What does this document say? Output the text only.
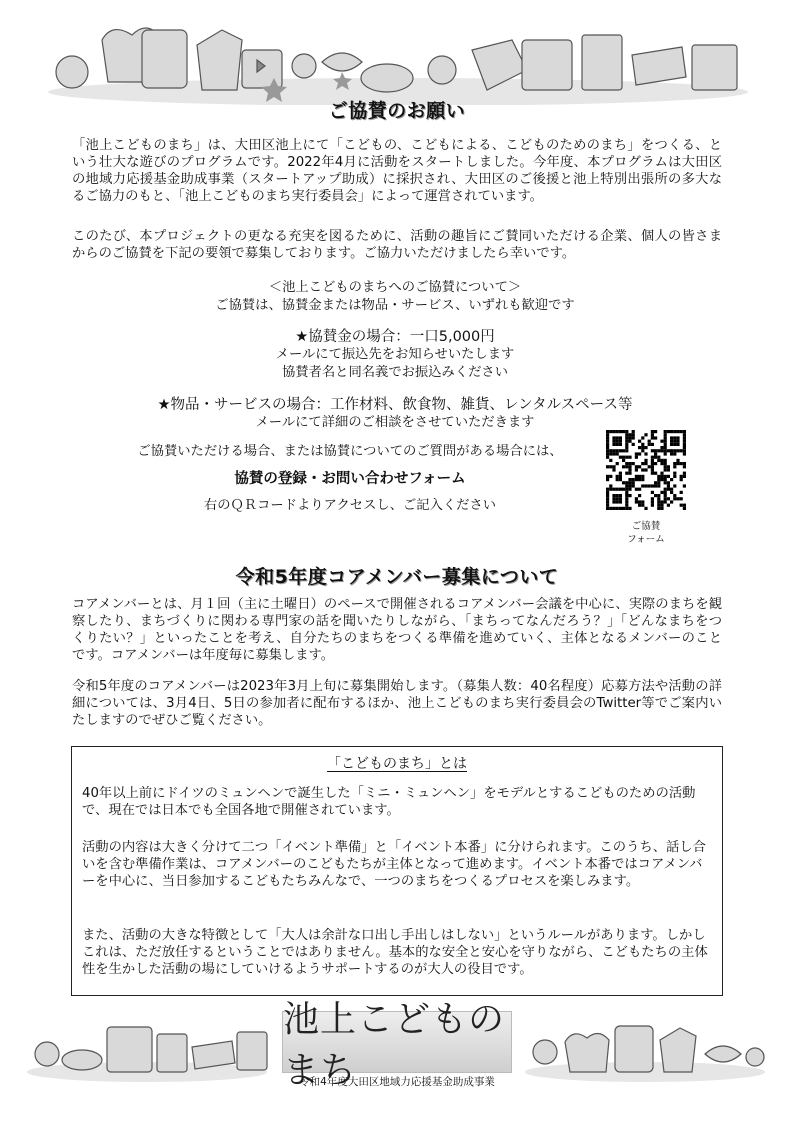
ご協賛のお願い

「池上こどものまち」は、大田区池上にて「こどもの、こどもによる、こどものためのまち」をつくる、という壮大な遊びのプログラムです。2022年4月に活動をスタートしました。今年度、本プログラムは大田区の地域力応援基金助成事業（スタートアップ助成）に採択され、大田区のご後援と池上特別出張所の多大なるご協力のもと、「池上こどものまち実行委員会」によって運営されています。

このたび、本プロジェクトの更なる充実を図るために、活動の趣旨にご賛同いただける企業、個人の皆さまからのご協賛を下記の要領で募集しております。ご協力いただけましたら幸いです。

＜池上こどものまちへのご協賛について＞
ご協賛は、協賛金または物品・サービス、いずれも歓迎です
★協賛金の場合：一口5,000円
メールにて振込先をお知らせいたします
協賛者名と同名義でお振込みください
★物品・サービスの場合：工作材料、飲食物、雑貨、レンタルスペース等
メールにて詳細のご相談をさせていただきます
ご協賛いただける場合、または協賛についてのご質問がある場合には、
協賛の登録・お問い合わせフォーム
右のＱＲコードよりアクセスし、ご記入ください
ご協賛
フォーム
令和5年度コアメンバー募集について

コアメンバーとは、月１回（主に土曜日）のペースで開催されるコアメンバー会議を中心に、実際のまちを観察したり、まちづくりに関わる専門家の話を聞いたりしながら、「まちってなんだろう？」「どんなまちをつくりたい？」といったことを考え、自分たちのまちをつくる準備を進めていく、主体となるメンバーのことです。コアメンバーは年度毎に募集します。

令和5年度のコアメンバーは2023年3月上旬に募集開始します。（募集人数：40名程度）応募方法や活動の詳細については、3月4日、5日の参加者に配布するほか、池上こどものまち実行委員会のTwitter等でご案内いたしますのでぜひご覧ください。

「こどものまち」とは

40年以上前にドイツのミュンヘンで誕生した「ミニ・ミュンヘン」をモデルとするこどものための活動で、現在では日本でも全国各地で開催されています。

活動の内容は大きく分けて二つ「イベント準備」と「イベント本番」に分けられます。このうち、話し合いを含む準備作業は、コアメンバーのこどもたちが主体となって進めます。イベント本番ではコアメンバーを中心に、当日参加するこどもたちみんなで、一つのまちをつくるプロセスを楽しみます。

また、活動の大きな特徴として「大人は余計な口出し手出しはしない」というルールがあります。しかしこれは、ただ放任するということではありません。基本的な安全と安心を守りながら、こどもたちの主体性を生かした活動の場にしていけるようサポートするのが大人の役目です。

池上こどものまち
令和4年度大田区地域力応援基金助成事業
